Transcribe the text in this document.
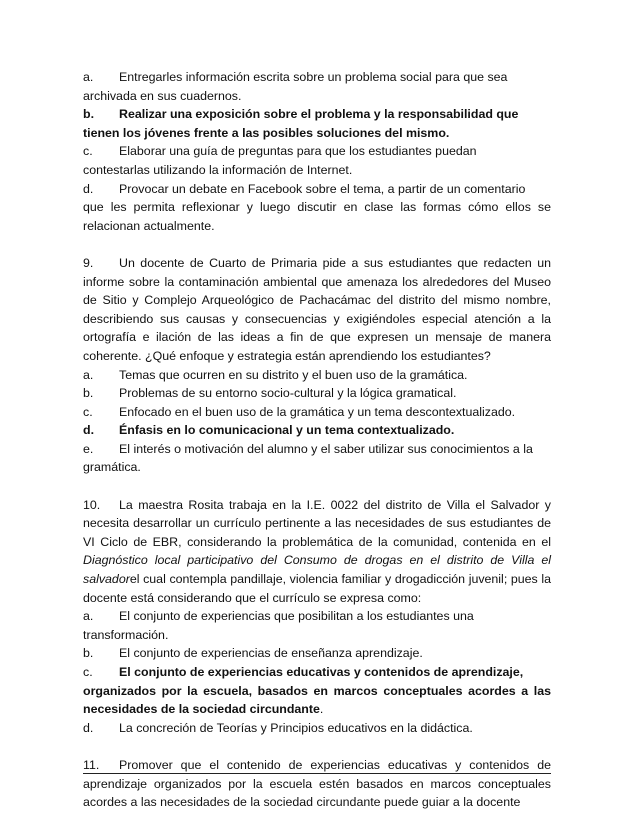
a.	Entregarles información escrita sobre un problema social para que sea
archivada en sus cuadernos.
b.	Realizar una exposición sobre el problema y la responsabilidad que
tienen los jóvenes frente a las posibles soluciones del mismo.
c.	Elaborar una guía de preguntas para que los estudiantes puedan
contestarlas utilizando la información de Internet.
d.	Provocar un debate en Facebook sobre el tema, a partir de un comentario
que les permita reflexionar y luego discutir en clase las formas cómo ellos se relacionan actualmente.
9. Un docente de Cuarto de Primaria pide a sus estudiantes que redacten un informe sobre la contaminación ambiental que amenaza los alrededores del Museo de Sitio y Complejo Arqueológico de Pachacámac del distrito del mismo nombre, describiendo sus causas y consecuencias y exigiéndoles especial atención a la ortografía e ilación de las ideas a fin de que expresen un mensaje de manera coherente. ¿Qué enfoque y estrategia están aprendiendo los estudiantes?
a.	Temas que ocurren en su distrito y el buen uso de la gramática.
b.	Problemas de su entorno socio-cultural y la lógica gramatical.
c.	Enfocado en el buen uso de la gramática y un tema descontextualizado.
d.	Énfasis en lo comunicacional y un tema contextualizado.
e.	El interés o motivación del alumno y el saber utilizar sus conocimientos a la
gramática.
10. La maestra Rosita trabaja en la I.E. 0022 del distrito de Villa el Salvador y necesita desarrollar un currículo pertinente a las necesidades de sus estudiantes de VI Ciclo de EBR, considerando la problemática de la comunidad, contenida en el Diagnóstico local participativo del Consumo de drogas en el distrito de Villa el salvadorel cual contempla pandillaje, violencia familiar y drogadicción juvenil; pues la docente está considerando que el currículo se expresa como:
a.	El conjunto de experiencias que posibilitan a los estudiantes una
transformación.
b.	El conjunto de experiencias de enseñanza aprendizaje.
c.	El conjunto de experiencias educativas y contenidos de aprendizaje,
organizados por la escuela, basados en marcos conceptuales acordes a las necesidades de la sociedad circundante.
d.	La concreción de Teorías y Principios educativos en la didáctica.
11. Promover que el contenido de experiencias educativas y contenidos de aprendizaje organizados por la escuela estén basados en marcos conceptuales acordes a las necesidades de la sociedad circundante puede guiar a la docente
